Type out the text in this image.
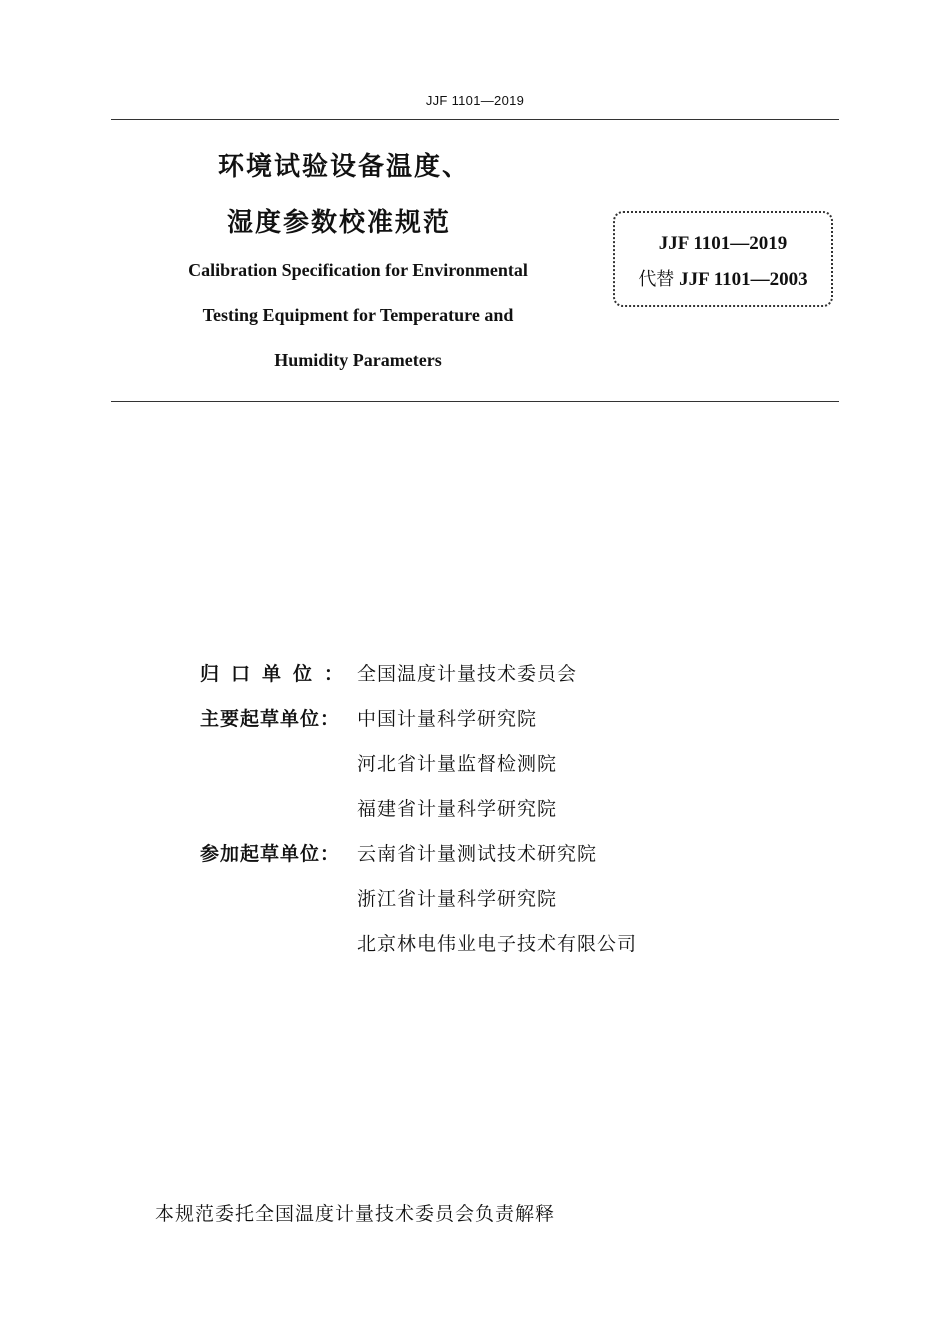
JJF 1101—2019
环境试验设备温度、
湿度参数校准规范
Calibration Specification for Environmental
Testing Equipment for Temperature and
Humidity Parameters
JJF 1101—2019
代替 JJF 1101—2003
归口单位： 全国温度计量技术委员会
主要起草单位： 中国计量科学研究院
河北省计量监督检测院
福建省计量科学研究院
参加起草单位： 云南省计量测试技术研究院
浙江省计量科学研究院
北京林电伟业电子技术有限公司
本规范委托全国温度计量技术委员会负责解释
